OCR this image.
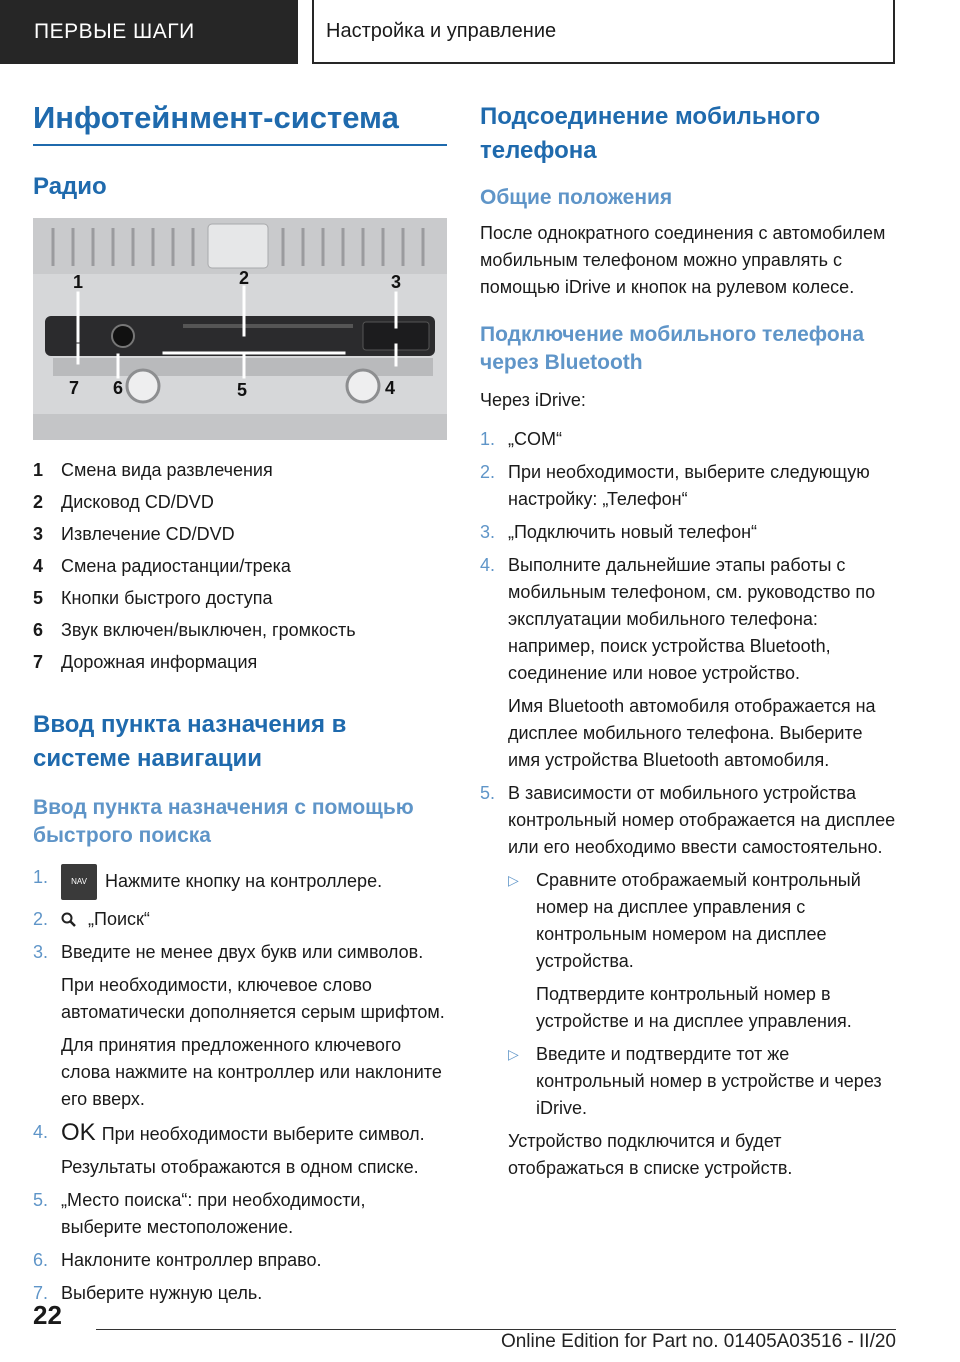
ПЕРВЫЕ ШАГИ	Настройка и управление
Инфотейнмент-система
Радио
1	2	3
4
5
6
7
1 Смена вида развлечения
2 Дисковод CD/DVD
3 Извлечение CD/DVD
4 Смена радиостанции/трека
5 Кнопки быстрого доступа
6 Звук включен/выключен, громкость
7 Дорожная информация
Ввод пункта назначения в системе навигации
Ввод пункта назначения с помощью быстрого поиска
1.	NAV Нажмите кнопку на контроллере.
2.	„Поиск“
3. Введите не менее двух букв или символов.
При необходимости, ключевое слово автоматически дополняется серым шрифтом.
Для принятия предложенного ключевого слова нажмите на контроллер или наклоните его вверх.
4. OK При необходимости выберите символ.
Результаты отображаются в одном списке.
5. „Место поиска“: при необходимости, выберите местоположение.
6. Наклоните контроллер вправо.
7. Выберите нужную цель.
Подсоединение мобильного телефона
Общие положения

После однократного соединения с автомобилем мобильным телефоном можно управлять с помощью iDrive и кнопок на рулевом колесе.

Подключение мобильного телефона через Bluetooth

Через iDrive:

1. „COM“
2. При необходимости, выберите следующую настройку: „Телефон“
3. „Подключить новый телефон“
4. Выполните дальнейшие этапы работы с мобильным телефоном, см. руководство по эксплуатации мобильного телефона: например, поиск устройства Bluetooth, соединение или новое устройство.
Имя Bluetooth автомобиля отображается на дисплее мобильного телефона. Выберите имя устройства Bluetooth автомобиля.
5. В зависимости от мобильного устройства контрольный номер отображается на дисплее или его необходимо ввести самостоятельно.
▷ Сравните отображаемый контрольный номер на дисплее управления с контрольным номером на дисплее устройства.
Подтвердите контрольный номер в устройстве и на дисплее управления.
▷ Введите и подтвердите тот же контрольный номер в устройстве и через iDrive.
Устройство подключится и будет отображаться в списке устройств.
22
Online Edition for Part no. 01405A03516 - II/20
